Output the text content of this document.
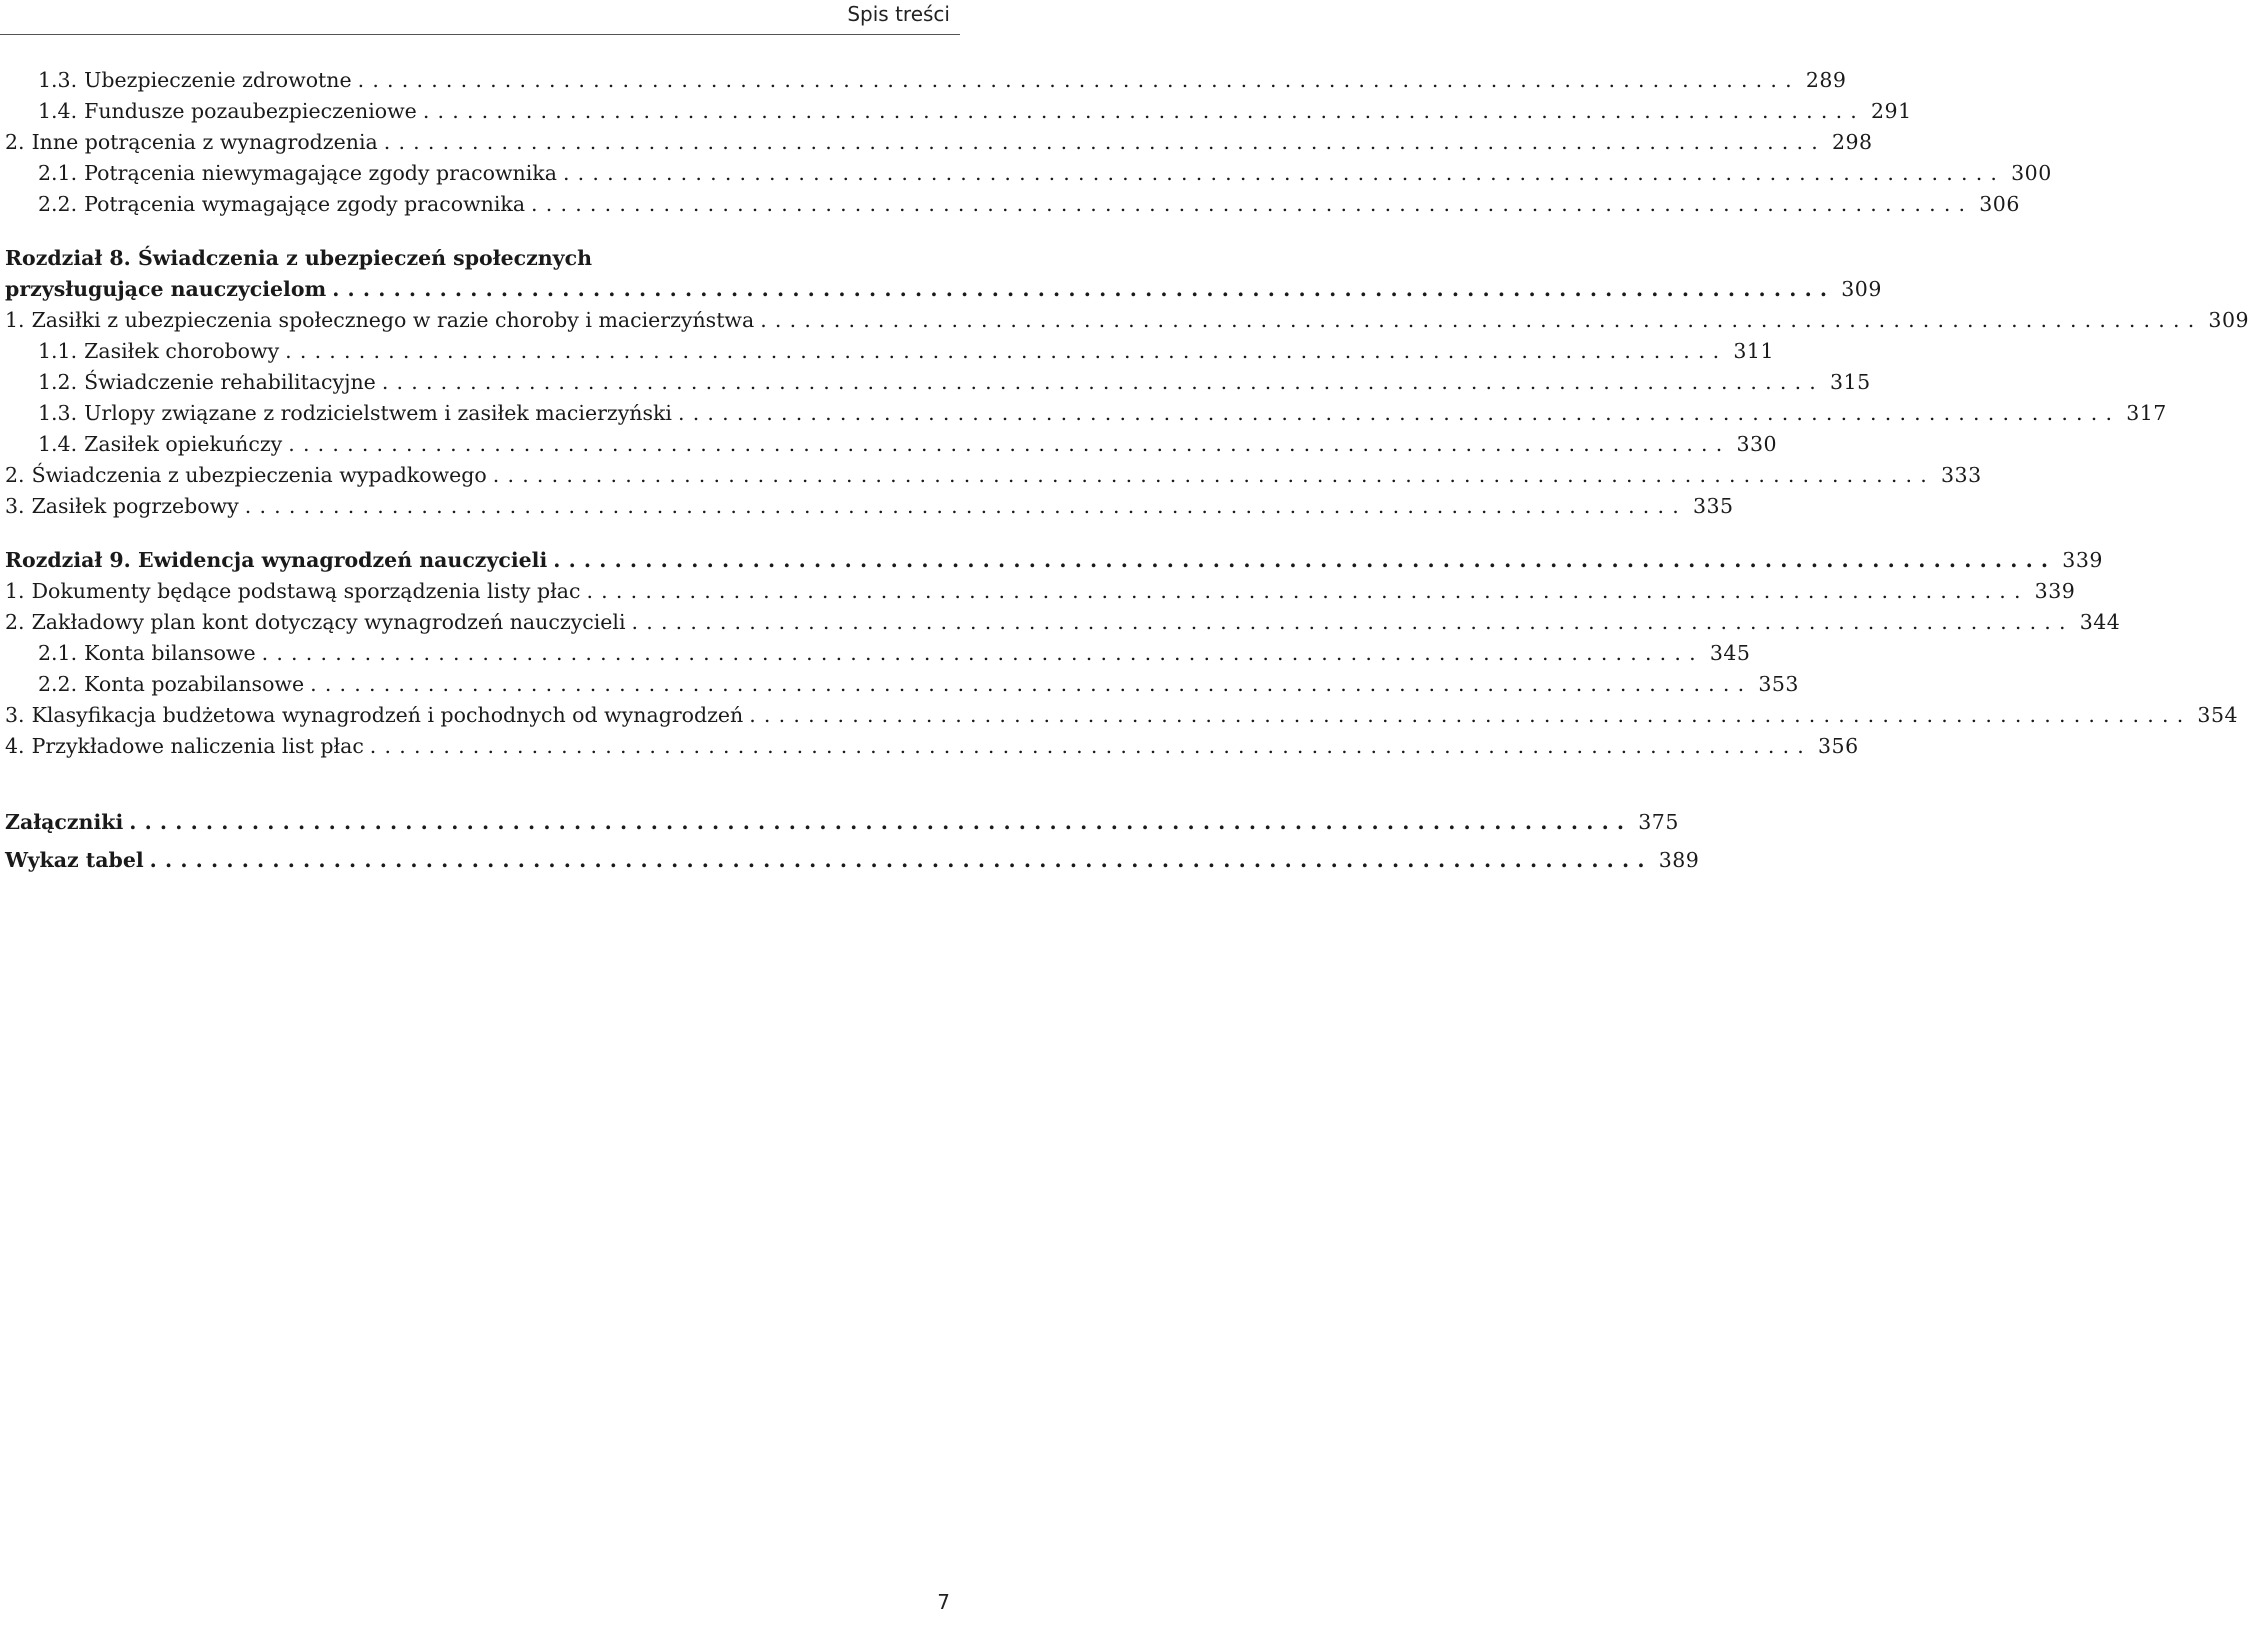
Spis treści
1.3. Ubezpieczenie zdrowotne .................................................................................................. 289
1.4. Fundusze pozaubezpieczeniowe .................................................................................................. 291
2. Inne potrącenia z wynagrodzenia .................................................................................................. 298
2.1. Potrącenia niewymagające zgody pracownika .................................................................................................. 300
2.2. Potrącenia wymagające zgody pracownika .................................................................................................. 306
Rozdział 8. Świadczenia z ubezpieczeń społecznych
przysługujące nauczycielom .................................................................................................. 309
1. Zasiłki z ubezpieczenia społecznego w razie choroby i macierzyństwa .................................................................................................. 309
1.1. Zasiłek chorobowy .................................................................................................. 311
1.2. Świadczenie rehabilitacyjne .................................................................................................. 315
1.3. Urlopy związane z rodzicielstwem i zasiłek macierzyński .................................................................................................. 317
1.4. Zasiłek opiekuńczy .................................................................................................. 330
2. Świadczenia z ubezpieczenia wypadkowego .................................................................................................. 333
3. Zasiłek pogrzebowy .................................................................................................. 335
Rozdział 9. Ewidencja wynagrodzeń nauczycieli .................................................................................................. 339
1. Dokumenty będące podstawą sporządzenia listy płac .................................................................................................. 339
2. Zakładowy plan kont dotyczący wynagrodzeń nauczycieli .................................................................................................. 344
2.1. Konta bilansowe .................................................................................................. 345
2.2. Konta pozabilansowe .................................................................................................. 353
3. Klasyfikacja budżetowa wynagrodzeń i pochodnych od wynagrodzeń .................................................................................................. 354
4. Przykładowe naliczenia list płac .................................................................................................. 356
Załączniki .................................................................................................. 375
Wykaz tabel .................................................................................................. 389
7
